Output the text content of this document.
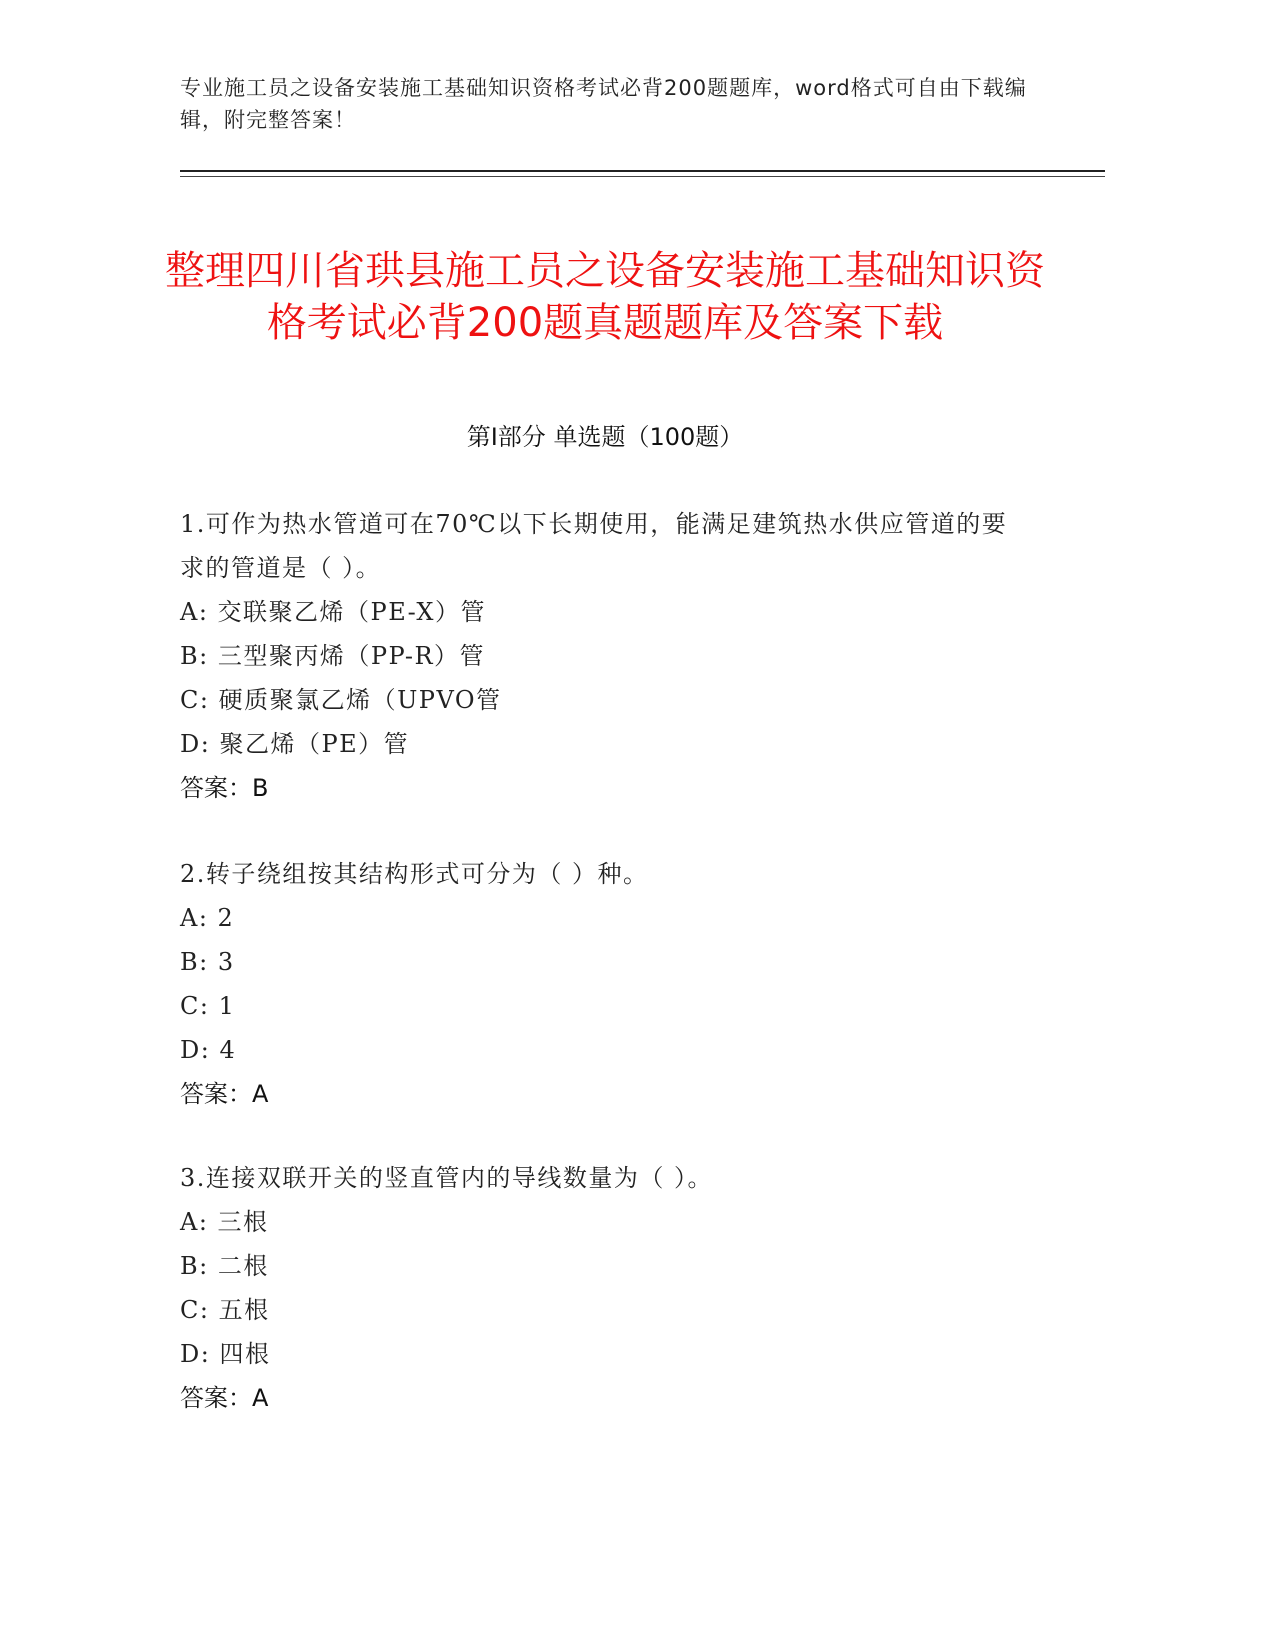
专业施工员之设备安装施工基础知识资格考试必背200题题库，word格式可自由下载编辑，附完整答案！
整理四川省珙县施工员之设备安装施工基础知识资格考试必背200题真题题库及答案下载
第Ⅰ部分 单选题（100题）
1.可作为热水管道可在70℃以下长期使用，能满足建筑热水供应管道的要求的管道是（ ）。
A: 交联聚乙烯（PE-X）管
B: 三型聚丙烯（PP-R）管
C: 硬质聚氯乙烯（UPVO管
D: 聚乙烯（PE）管
答案：B
2.转子绕组按其结构形式可分为（ ）种。
A: 2
B: 3
C: 1
D: 4
答案：A
3.连接双联开关的竖直管内的导线数量为（ ）。
A: 三根
B: 二根
C: 五根
D: 四根
答案：A
